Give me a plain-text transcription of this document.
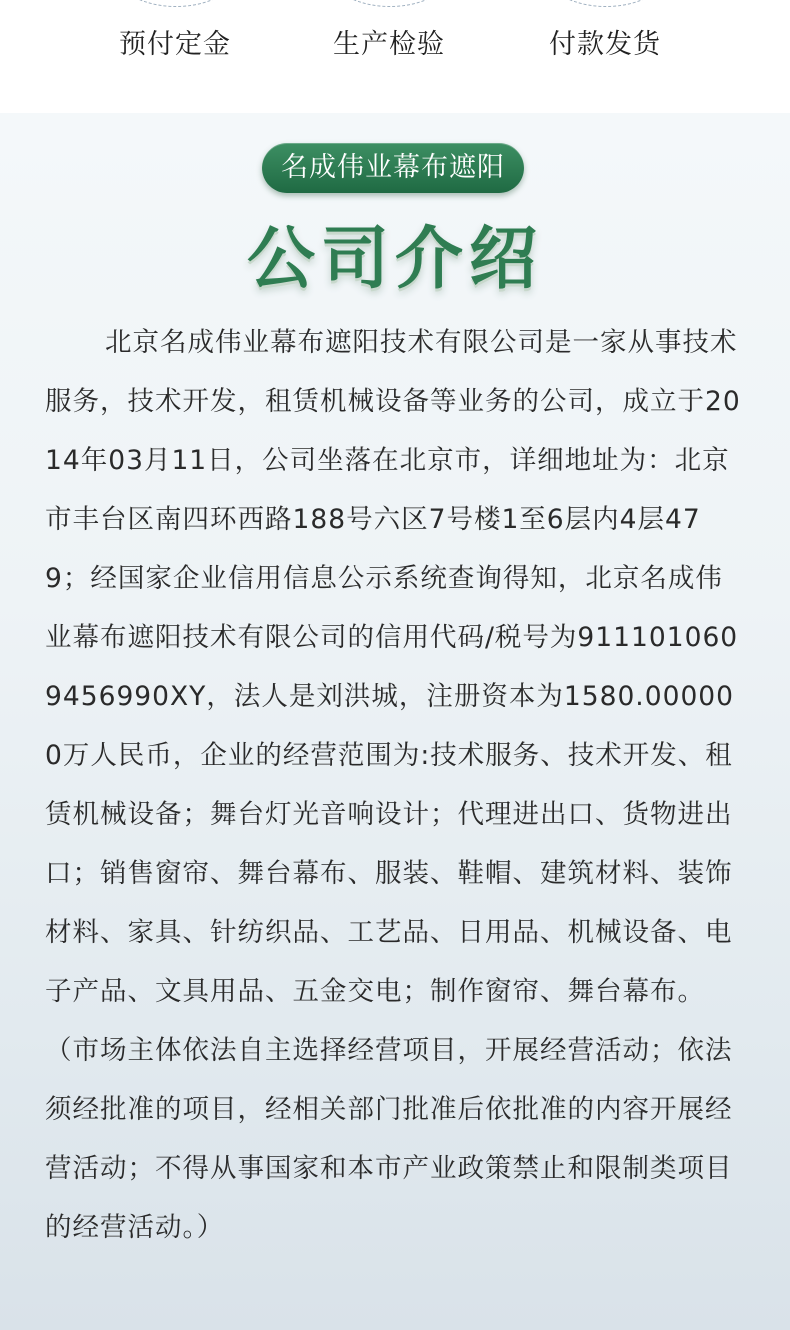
预付定金	生产检验	付款发货
名成伟业幕布遮阳
公司介绍
北京名成伟业幕布遮阳技术有限公司是一家从事技术服务，技术开发，租赁机械设备等业务的公司，成立于2014年03月11日，公司坐落在北京市，详细地址为：北京市丰台区南四环西路188号六区7号楼1至6层内4层479；经国家企业信用信息公示系统查询得知，北京名成伟业幕布遮阳技术有限公司的信用代码/税号为9111010609456990XY，法人是刘洪城，注册资本为1580.000000万人民币，企业的经营范围为:技术服务、技术开发、租赁机械设备；舞台灯光音响设计；代理进出口、货物进出口；销售窗帘、舞台幕布、服装、鞋帽、建筑材料、装饰材料、家具、针纺织品、工艺品、日用品、机械设备、电子产品、文具用品、五金交电；制作窗帘、舞台幕布。（市场主体依法自主选择经营项目，开展经营活动；依法须经批准的项目，经相关部门批准后依批准的内容开展经营活动；不得从事国家和本市产业政策禁止和限制类项目的经营活动。）
